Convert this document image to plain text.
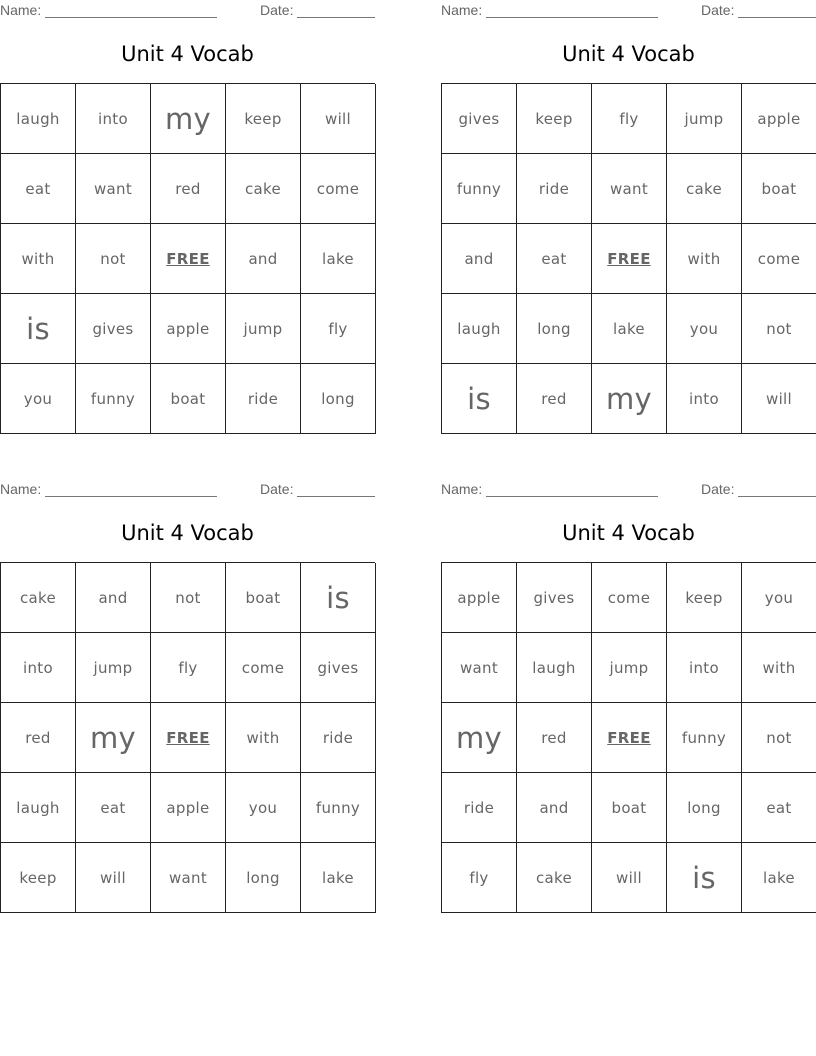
Name:	Date:
Unit 4 Vocab
laugh	into	my	keep	will
eat	want	red	cake	come
with	not	FREE	and	lake
is	gives	apple	jump	fly
you	funny	boat	ride	long
Name:	Date:
Unit 4 Vocab
gives	keep	fly	jump	apple
funny	ride	want	cake	boat
and	eat	FREE	with	come
laugh	long	lake	you	not
is	red	my	into	will
Name:	Date:
Unit 4 Vocab
cake	and	not	boat	is
into	jump	fly	come	gives
red	my	FREE	with	ride
laugh	eat	apple	you	funny
keep	will	want	long	lake
Name:	Date:
Unit 4 Vocab
apple	gives	come	keep	you
want	laugh	jump	into	with
my	red	FREE	funny	not
ride	and	boat	long	eat
fly	cake	will	is	lake
